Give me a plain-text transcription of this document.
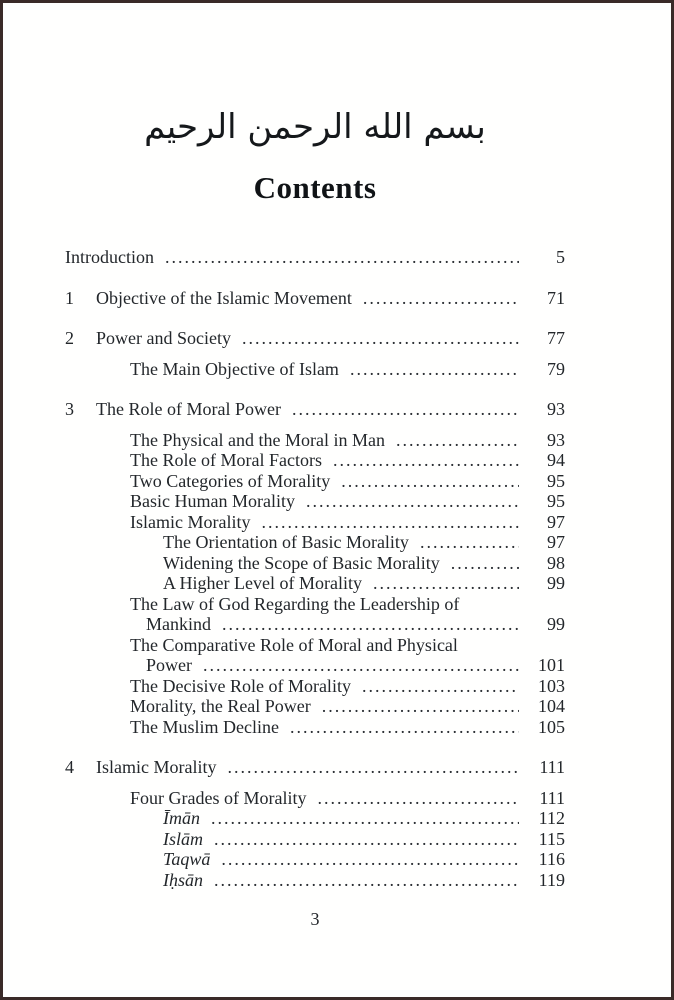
بسم الله الرحمن الرحيم
Contents
Introduction .....	5
1	Objective of the Islamic Movement .....	71
2	Power and Society .....	77
The Main Objective of Islam .....	79
3	The Role of Moral Power .....	93
The Physical and the Moral in Man .....	93
The Role of Moral Factors .....	94
Two Categories of Morality .....	95
Basic Human Morality .....	95
Islamic Morality .....	97
The Orientation of Basic Morality .....	97
Widening the Scope of Basic Morality .....	98
A Higher Level of Morality .....	99
The Law of God Regarding the Leadership of
Mankind .....	99
The Comparative Role of Moral and Physical
Power .....	101
The Decisive Role of Morality .....	103
Morality, the Real Power .....	104
The Muslim Decline .....	105
4	Islamic Morality .....	111
Four Grades of Morality .....	111
Īmān .....	112
Islām .....	115
Taqwā .....	116
Iḥsān .....	119
3
